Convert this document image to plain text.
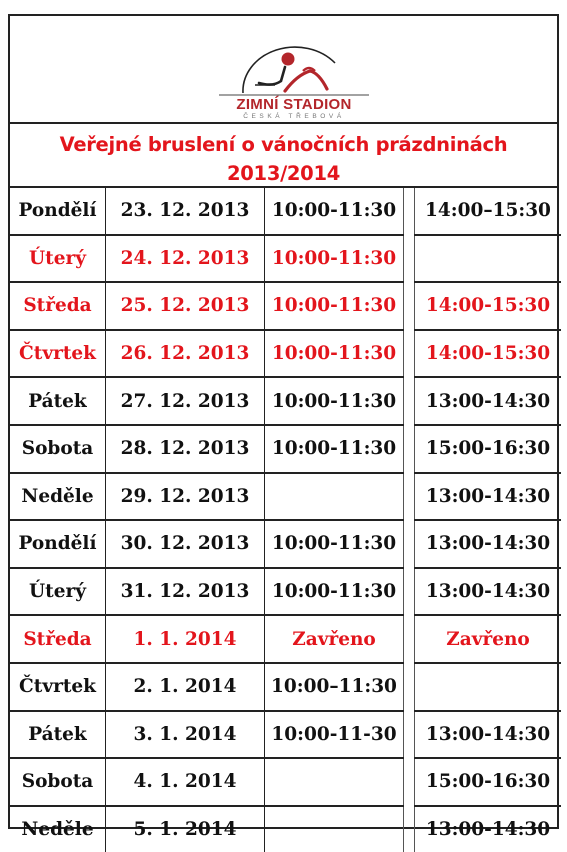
ZIMNÍ STADION
ČESKÁ TŘEBOVÁ
Veřejné bruslení o vánočních prázdninách
2013/2014
Pondělí	23. 12. 2013	10:00-11:30		14:00–15:30
Úterý	24. 12. 2013	10:00-11:30		
Středa	25. 12. 2013	10:00-11:30		14:00-15:30
Čtvrtek	26. 12. 2013	10:00-11:30		14:00-15:30
Pátek	27. 12. 2013	10:00-11:30		13:00-14:30
Sobota	28. 12. 2013	10:00-11:30		15:00-16:30
Neděle	29. 12. 2013			13:00-14:30
Pondělí	30. 12. 2013	10:00-11:30		13:00-14:30
Úterý	31. 12. 2013	10:00-11:30		13:00-14:30
Středa	1. 1. 2014	Zavřeno		Zavřeno
Čtvrtek	2. 1. 2014	10:00–11:30		
Pátek	3. 1. 2014	10:00-11-30		13:00-14:30
Sobota	4. 1. 2014			15:00-16:30
Neděle	5. 1. 2014			13:00-14:30
